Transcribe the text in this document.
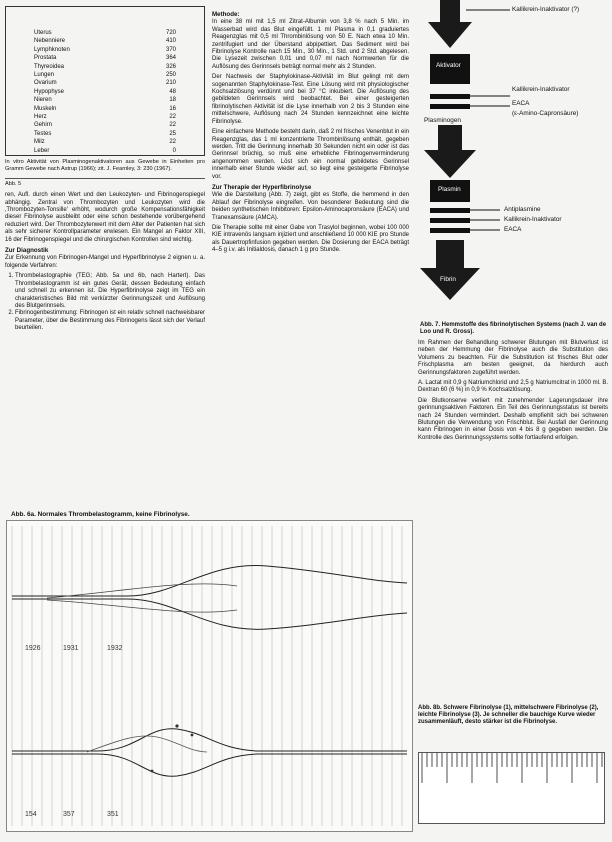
Uterus	720
Nebenniere	410
Lymphknoten	370
Prostata	364
Thyreoidea	326
Lungen	250
Ovarium	210
Hypophyse	48
Nieren	18
Muskeln	16
Herz	22
Gehirn	22
Testes	25
Milz	22
Leber	0
In vitro Aktivität von Plasminogenaktivatoren aus Gewebe in Einheiten pro Gramm Gewebe nach Astrup (1966); zit. J. Fearnley, 3: 230 (1967).
Abb. 5

ren, Aufl. durch einen Wert und den Leukozyten- und Fibrinogenspiegel abhängig. Zentral von Thrombozyten und Leukozyten wird die ‚Thrombozyten-Tonsille' erhöht, wodurch große Kompensationsfähigkeit dieser Fibrinolyse ausbleibt oder eine schon bestehende vorübergehend reduziert wird. Der Thrombozytenwert mit dem Alter der Patienten hat sich als sehr sicherer Kontrollparameter erwiesen. Ein Mangel an Faktor XIII, 16 der Fibrinogenspiegel und die chirurgischen Kontrollen sind wichtig.

Zur Diagnostik

Zur Erkennung von Fibrinogen-Mangel und Hyperfibrinolyse 2 eignen u. a. folgende Verfahren:

1. Thrombelastographie (TEG; Abb. 5a und 6b, nach Hartert). Das Thrombelastogramm ist ein gutes Gerät, dessen Bedeutung einfach und schnell zu erkennen ist. Die Hyperfibrinolyse zeigt im TEG ein charakteristisches Bild mit verkürzter Gerinnungszeit und Auflösung des Blutgerinnsels.
2. Fibrinogenbestimmung: Fibrinogen ist ein relativ schnell nachweisbarer Parameter, über die Bestimmung des Fibrinogens lässt sich der Verlauf beurteilen.
Methode:

In eine 38 ml mit 1,5 ml Zitrat-Albumin von 3,8 % nach 5 Min. im Wasserbad wird das Blut eingefüllt. 1 ml Plasma in 0,1 graduiertes Reagenzglas mit 0,5 ml Thrombinlösung von 50 E. Nach etwa 10 Min. zentrifugiert und der Überstand abpipettiert. Das Sediment wird bei Fibrinolyse Kontrolle nach 15 Min., 30 Min., 1 Std. und 2 Std. abgelesen. Die Lysezeit zwischen 0,01 und 0,07 ml nach Normwerten für die Auflösung des Gerinnsels beträgt normal mehr als 2 Stunden.

Der Nachweis der Staphylokinase-Aktivität im Blut gelingt mit dem sogenannten Staphylokinase-Test. Eine Lösung wird mit physiologischer Kochsalzlösung verdünnt und bei 37 °C inkubiert. Die Auflösung des gebildeten Gerinnsels wird beobachtet. Bei einer gesteigerten fibrinolytischen Aktivität ist die Lyse innerhalb von 2 bis 3 Stunden eine mittelschwere, Auflösung nach 24 Stunden kennzeichnet eine leichte Fibrinolyse.

Eine einfachere Methode besteht darin, daß 2 ml frisches Venenblut in ein Reagenzglas, das 1 ml konzentrierte Thrombinlösung enthält, gegeben werden. Tritt die Gerinnung innerhalb 30 Sekunden nicht ein oder ist das Gerinnsel brüchig, so muß eine erhebliche Fibrinogenverminderung angenommen werden. Löst sich ein normal gebildetes Gerinnsel innerhalb einer Stunde wieder auf, so liegt eine gesteigerte Fibrinolyse vor.

Zur Therapie der Hyperfibrinolyse

Wie die Darstellung (Abb. 7) zeigt, gibt es Stoffe, die hemmend in den Ablauf der Fibrinolyse eingreifen. Von besonderer Bedeutung sind die beiden synthetischen Inhibitoren: Epsilon-Aminocapronsäure (EACA) und Tranexamsäure (AMCA).

Die Therapie sollte mit einer Gabe von Trasylol beginnen, wobei 100 000 KIE intravenös langsam injiziert und anschließend 10 000 KIE pro Stunde als Dauertropfinfusion gegeben werden. Die Dosierung der EACA beträgt 4–5 g i.v. als Initialdosis, danach 1 g pro Stunde.

Kallikrein-Inaktivator (?)
Aktivator
Kallikrein-Inaktivator
EACA
(ε-Amino-Capronsäure)
Plasminogen
Plasmin
Antiplasmine
Kallikrein-Inaktivator
EACA
Fibrin
Abb. 7. Hemmstoffe des fibrinolytischen Systems (nach J. van de Loo und R. Gross).

Im Rahmen der Behandlung schwerer Blutungen mit Blutverlust ist neben der Hemmung der Fibrinolyse auch die Substitution des Volumens zu beachten. Für die Substitution ist frisches Blut oder Frischplasma am besten geeignet, da hierdurch auch Gerinnungsfaktoren zugeführt werden.

A. Lactat mit 0,9 g Natriumchlorid und 2,5 g Natriumcitrat in 1000 ml. B. Dextran 60 (6 %) in 0,9 % Kochsalzlösung.

Die Blutkonserve verliert mit zunehmender Lagerungsdauer ihre gerinnungsaktiven Faktoren. Ein Teil des Gerinnungsstatus ist bereits nach 24 Stunden vermindert. Deshalb empfiehlt sich bei schweren Blutungen die Verwendung von Frischblut. Bei Ausfall der Gerinnung kann Fibrinogen in einer Dosis von 4 bis 8 g gegeben werden. Die Kontrolle des Gerinnungssystems sollte fortlaufend erfolgen.

Abb. 8b. Schwere Fibrinolyse (1), mittelschwere Fibrinolyse (2), leichte Fibrinolyse (3). Je schneller die bauchige Kurve wieder zusammenläuft, desto stärker ist die Fibrinolyse.
Abb. 6a. Normales Thrombelastogramm, keine Fibrinolyse.
1926	1931	1932
154	357	351
